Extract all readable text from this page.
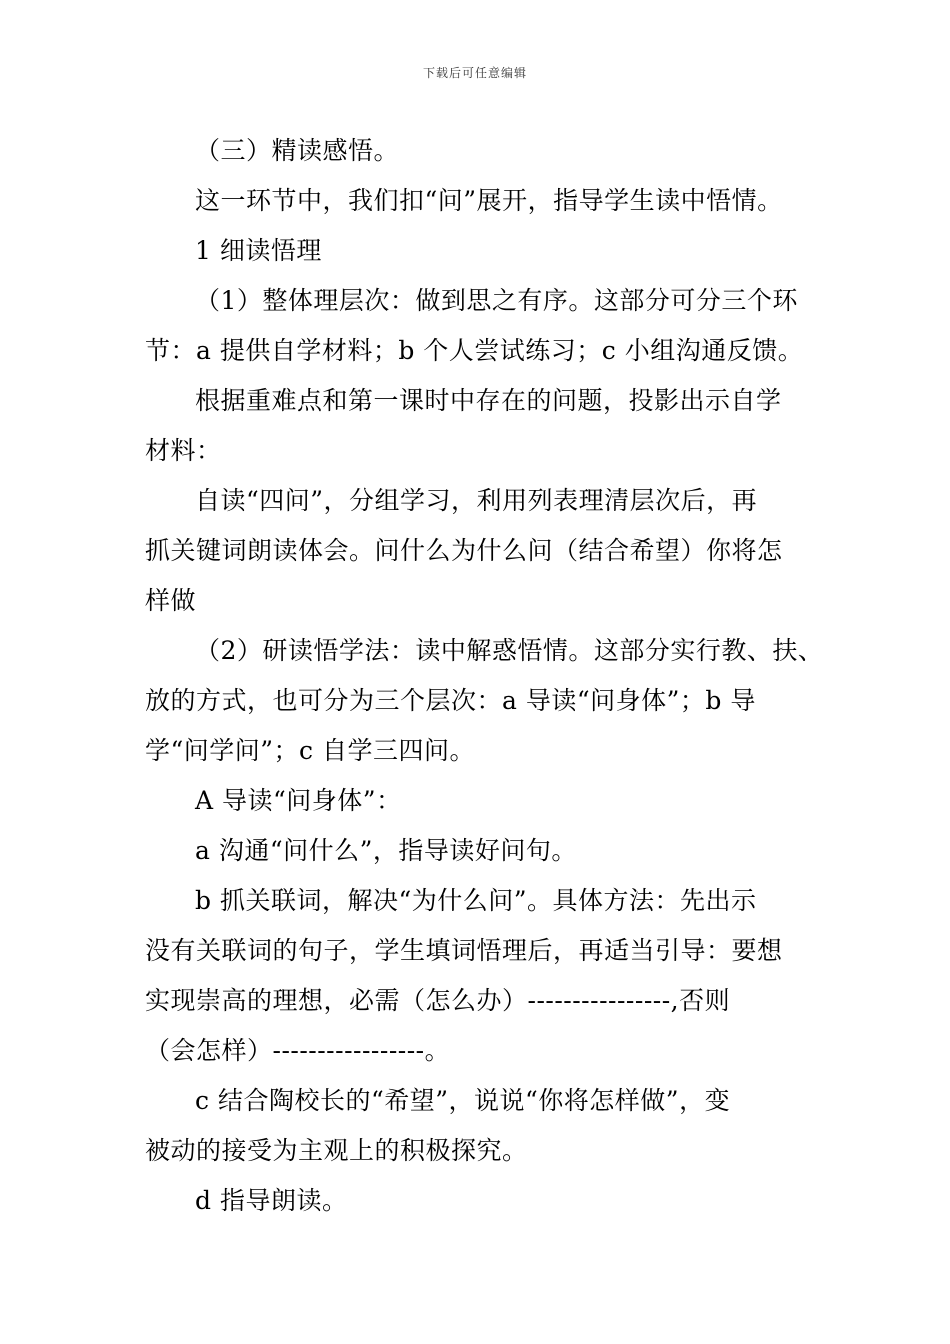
下载后可任意编辑
（三）精读感悟。
这一环节中，我们扣“问”展开，指导学生读中悟情。
1 细读悟理
（1）整体理层次：做到思之有序。这部分可分三个环
节：a 提供自学材料；b 个人尝试练习；c 小组沟通反馈。
根据重难点和第一课时中存在的问题，投影出示自学
材料：
自读“四问”，分组学习，利用列表理清层次后，再
抓关键词朗读体会。问什么为什么问（结合希望）你将怎
样做
（2）研读悟学法：读中解惑悟情。这部分实行教、扶、
放的方式，也可分为三个层次：a 导读“问身体”；b 导
学“问学问”；c 自学三四问。
A 导读“问身体”：
a 沟通“问什么”，指导读好问句。
b 抓关联词，解决“为什么问”。具体方法：先出示
没有关联词的句子，学生填词悟理后，再适当引导：要想
实现崇高的理想，必需（怎么办）----------------,否则
（会怎样）-----------------。
c 结合陶校长的“希望”，说说“你将怎样做”，变
被动的接受为主观上的积极探究。
d 指导朗读。
